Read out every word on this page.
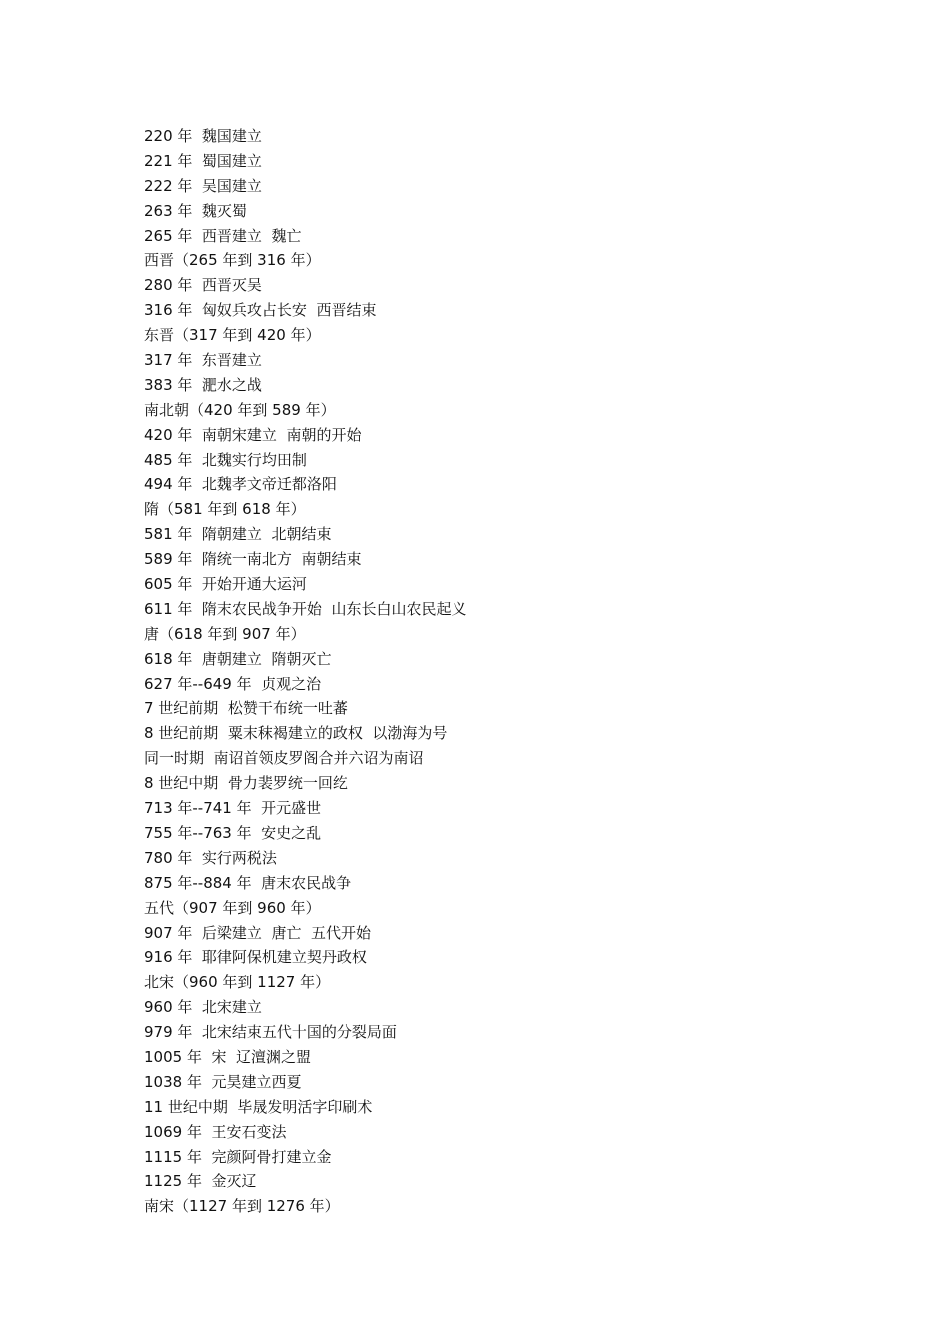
220 年  魏国建立
221 年  蜀国建立
222 年  吴国建立
263 年  魏灭蜀
265 年  西晋建立  魏亡
西晋（265 年到 316 年）
280 年  西晋灭吴
316 年  匈奴兵攻占长安  西晋结束
东晋（317 年到 420 年）
317 年  东晋建立
383 年  淝水之战
南北朝（420 年到 589 年）
420 年  南朝宋建立  南朝的开始
485 年  北魏实行均田制
494 年  北魏孝文帝迁都洛阳
隋（581 年到 618 年）
581 年  隋朝建立  北朝结束
589 年  隋统一南北方  南朝结束
605 年  开始开通大运河
611 年  隋末农民战争开始  山东长白山农民起义
唐（618 年到 907 年）
618 年  唐朝建立  隋朝灭亡
627 年--649 年  贞观之治
7 世纪前期  松赞干布统一吐蕃
8 世纪前期  粟末秣褐建立的政权  以渤海为号
同一时期  南诏首领皮罗阁合并六诏为南诏
8 世纪中期  骨力裴罗统一回纥
713 年--741 年  开元盛世
755 年--763 年  安史之乱
780 年  实行两税法
875 年--884 年  唐末农民战争
五代（907 年到 960 年）
907 年  后梁建立  唐亡  五代开始
916 年  耶律阿保机建立契丹政权
北宋（960 年到 1127 年）
960 年  北宋建立
979 年  北宋结束五代十国的分裂局面
1005 年  宋  辽澶渊之盟
1038 年  元昊建立西夏
11 世纪中期  毕晟发明活字印刷术
1069 年  王安石变法
1115 年  完颜阿骨打建立金
1125 年  金灭辽
南宋（1127 年到 1276 年）
